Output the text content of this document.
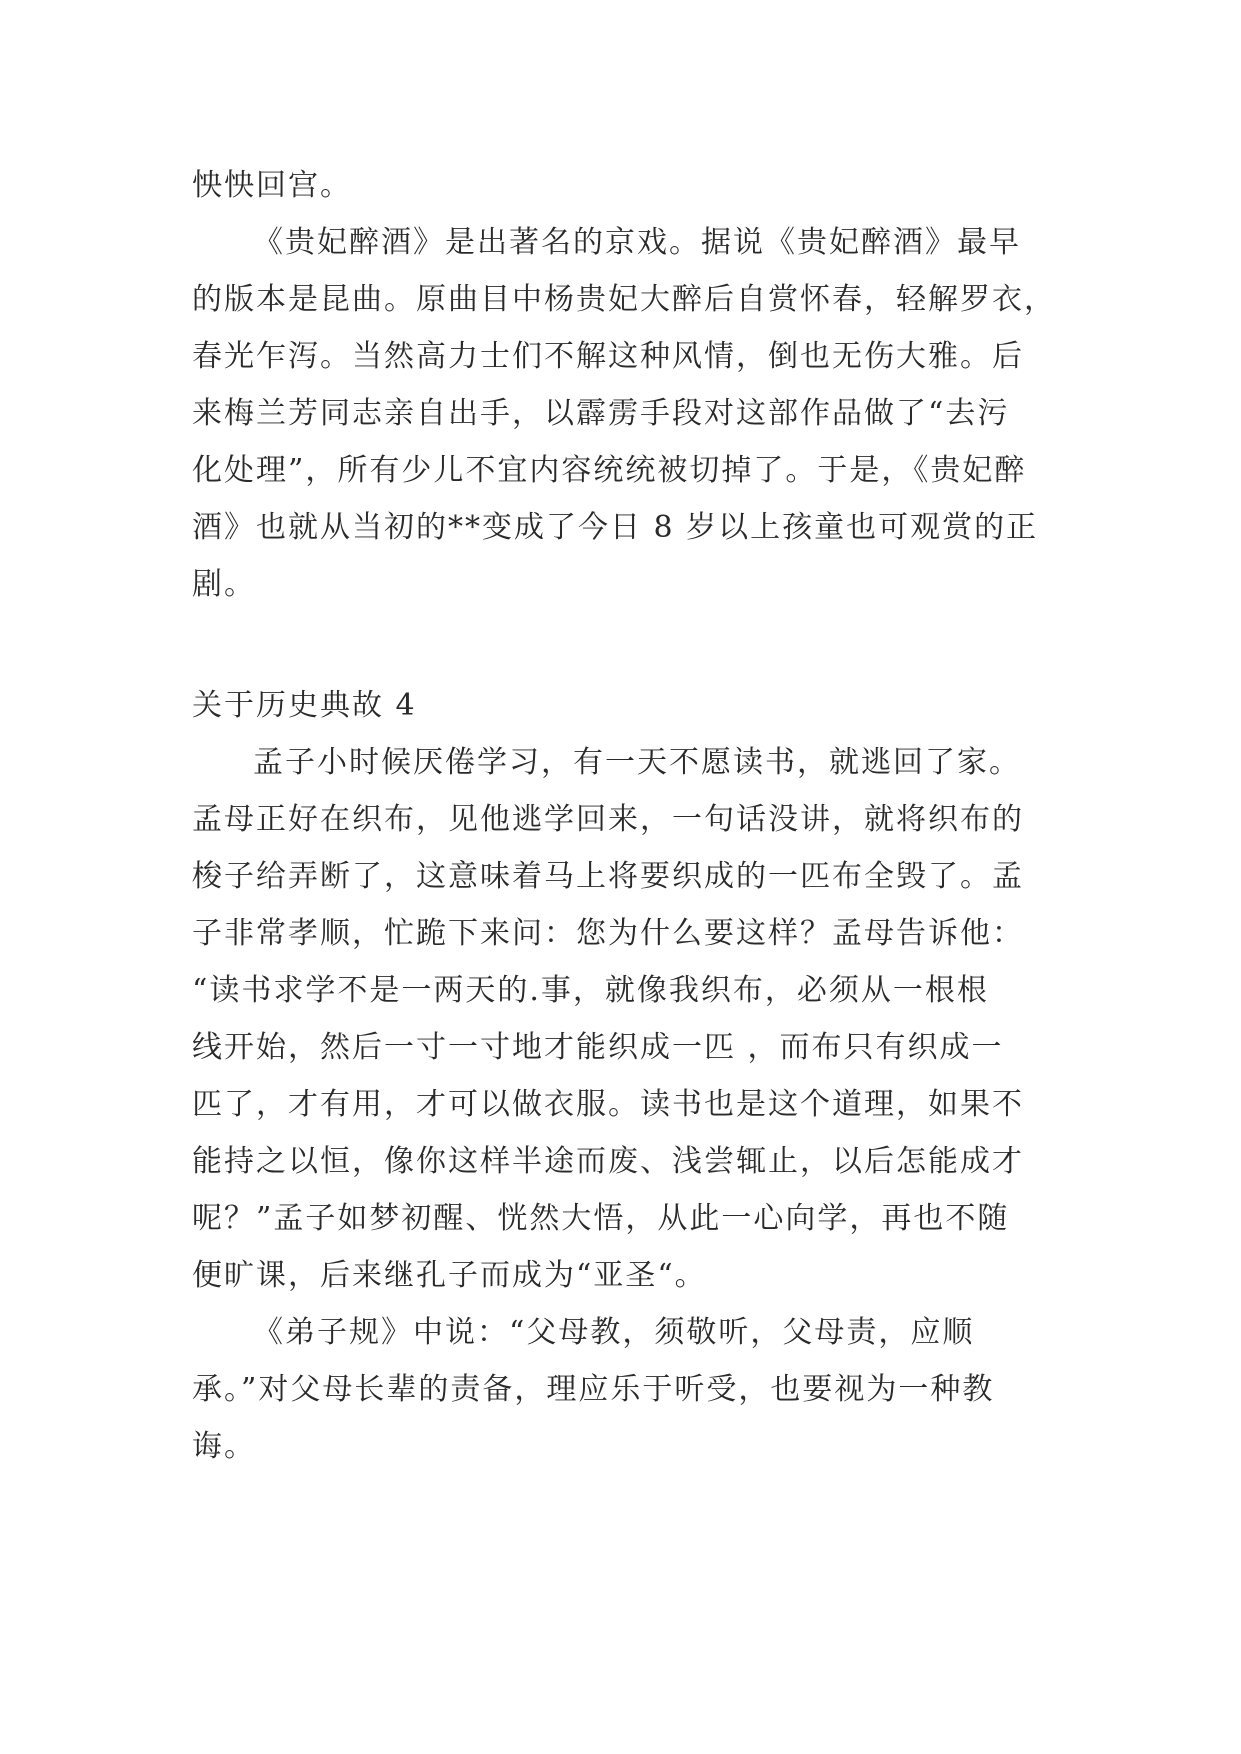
怏怏回宫。
《贵妃醉酒》是出著名的京戏。据说《贵妃醉酒》最早
的版本是昆曲。原曲目中杨贵妃大醉后自赏怀春，轻解罗衣，
春光乍泻。当然高力士们不解这种风情，倒也无伤大雅。后
来梅兰芳同志亲自出手，以霹雳手段对这部作品做了“去污
化处理”，所有少儿不宜内容统统被切掉了。于是，《贵妃醉
酒》也就从当初的**变成了今日 8 岁以上孩童也可观赏的正
剧。
关于历史典故 4
孟子小时候厌倦学习，有一天不愿读书，就逃回了家。
孟母正好在织布，见他逃学回来，一句话没讲，就将织布的
梭子给弄断了，这意味着马上将要织成的一匹布全毁了。孟
子非常孝顺，忙跪下来问：您为什么要这样？孟母告诉他：
“读书求学不是一两天的.事，就像我织布，必须从一根根
线开始，然后一寸一寸地才能织成一匹 ，而布只有织成一
匹了，才有用，才可以做衣服。读书也是这个道理，如果不
能持之以恒，像你这样半途而废、浅尝辄止，以后怎能成才
呢？”孟子如梦初醒、恍然大悟，从此一心向学，再也不随
便旷课，后来继孔子而成为“亚圣“。
《弟子规》中说：“父母教，须敬听，父母责，应顺
承。”对父母长辈的责备，理应乐于听受，也要视为一种教
诲。
